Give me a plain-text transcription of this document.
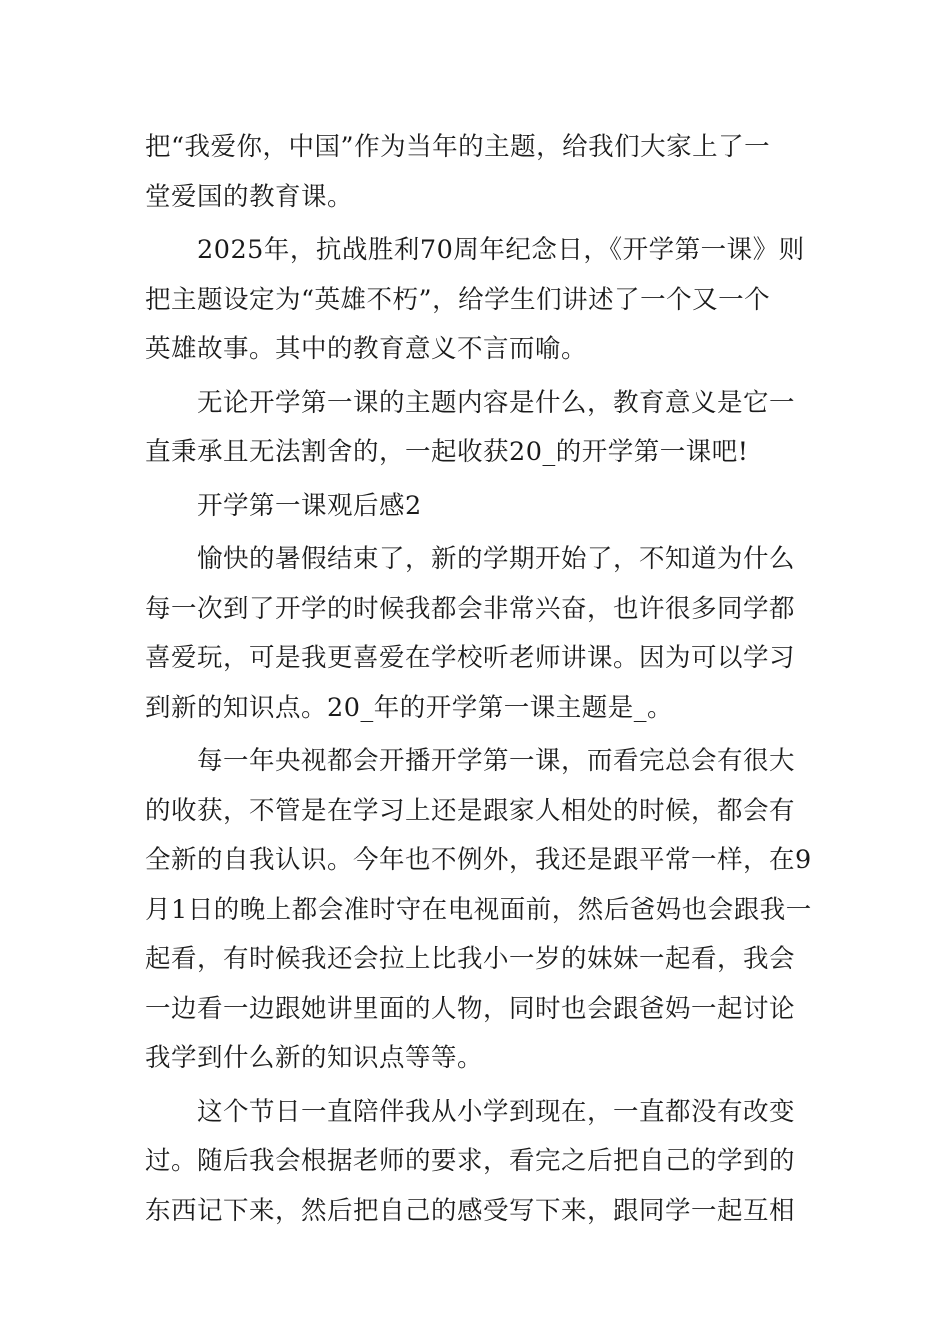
把“我爱你，中国”作为当年的主题，给我们大家上了一
堂爱国的教育课。
2025年，抗战胜利70周年纪念日，《开学第一课》则
把主题设定为“英雄不朽”，给学生们讲述了一个又一个
英雄故事。其中的教育意义不言而喻。
无论开学第一课的主题内容是什么，教育意义是它一
直秉承且无法割舍的，一起收获20_的开学第一课吧!
开学第一课观后感2
愉快的暑假结束了，新的学期开始了，不知道为什么
每一次到了开学的时候我都会非常兴奋，也许很多同学都
喜爱玩，可是我更喜爱在学校听老师讲课。因为可以学习
到新的知识点。20_年的开学第一课主题是_。
每一年央视都会开播开学第一课，而看完总会有很大
的收获，不管是在学习上还是跟家人相处的时候，都会有
全新的自我认识。今年也不例外，我还是跟平常一样，在9
月1日的晚上都会准时守在电视面前，然后爸妈也会跟我一
起看，有时候我还会拉上比我小一岁的妹妹一起看，我会
一边看一边跟她讲里面的人物，同时也会跟爸妈一起讨论
我学到什么新的知识点等等。
这个节日一直陪伴我从小学到现在，一直都没有改变
过。随后我会根据老师的要求，看完之后把自己的学到的
东西记下来，然后把自己的感受写下来，跟同学一起互相
